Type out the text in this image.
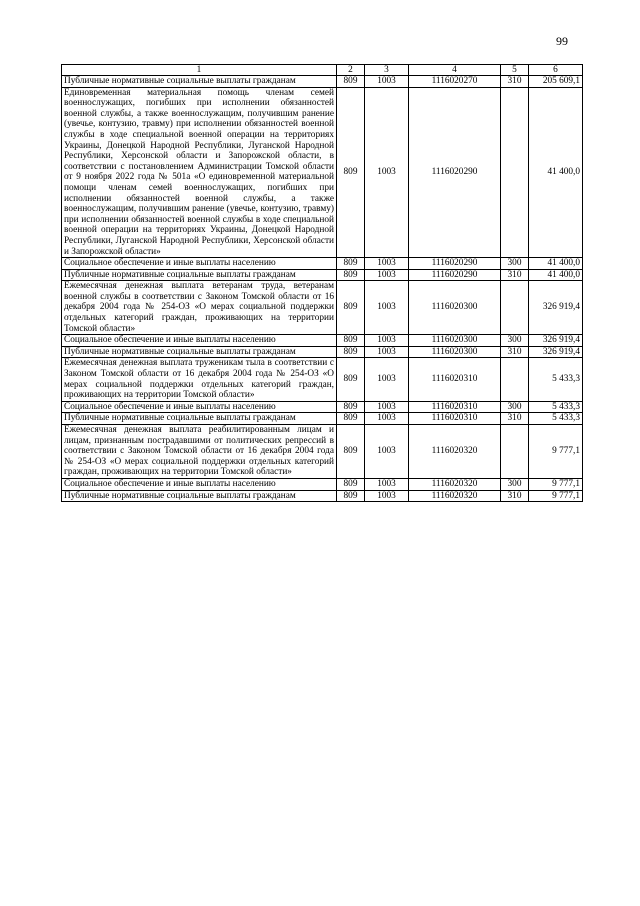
99
1	2	3	4	5	6
Публичные нормативные социальные выплаты гражданам	809	1003	1116020270	310	205 609,1
Единовременная материальная помощь членам семей военнослужащих, погибших при исполнении обязанностей военной службы, а также военнослужащим, получившим ранение (увечье, контузию, травму) при исполнении обязанностей военной службы в ходе специальной военной операции на территориях Украины, Донецкой Народной Республики, Луганской Народной Республики, Херсонской области и Запорожской области, в соответствии с постановлением Администрации Томской области от 9 ноября 2022 года № 501а «О единовременной материальной помощи членам семей военнослужащих, погибших при исполнении обязанностей военной службы, а также военнослужащим, получившим ранение (увечье, контузию, травму) при исполнении обязанностей военной службы в ходе специальной военной операции на территориях Украины, Донецкой Народной Республики, Луганской Народной Республики, Херсонской области и Запорожской области»	809	1003	1116020290		41 400,0
Социальное обеспечение и иные выплаты населению	809	1003	1116020290	300	41 400,0
Публичные нормативные социальные выплаты гражданам	809	1003	1116020290	310	41 400,0
Ежемесячная денежная выплата ветеранам труда, ветеранам военной службы в соответствии с Законом Томской области от 16 декабря 2004 года № 254-ОЗ «О мерах социальной поддержки отдельных категорий граждан, проживающих на территории Томской области»	809	1003	1116020300		326 919,4
Социальное обеспечение и иные выплаты населению	809	1003	1116020300	300	326 919,4
Публичные нормативные социальные выплаты гражданам	809	1003	1116020300	310	326 919,4
Ежемесячная денежная выплата труженикам тыла в соответствии с Законом Томской области от 16 декабря 2004 года № 254-ОЗ «О мерах социальной поддержки отдельных категорий граждан, проживающих на территории Томской области»	809	1003	1116020310		5 433,3
Социальное обеспечение и иные выплаты населению	809	1003	1116020310	300	5 433,3
Публичные нормативные социальные выплаты гражданам	809	1003	1116020310	310	5 433,3
Ежемесячная денежная выплата реабилитированным лицам и лицам, признанным пострадавшими от политических репрессий в соответствии с Законом Томской области от 16 декабря 2004 года № 254-ОЗ «О мерах социальной поддержки отдельных категорий граждан, проживающих на территории Томской области»	809	1003	1116020320		9 777,1
Социальное обеспечение и иные выплаты населению	809	1003	1116020320	300	9 777,1
Публичные нормативные социальные выплаты гражданам	809	1003	1116020320	310	9 777,1
